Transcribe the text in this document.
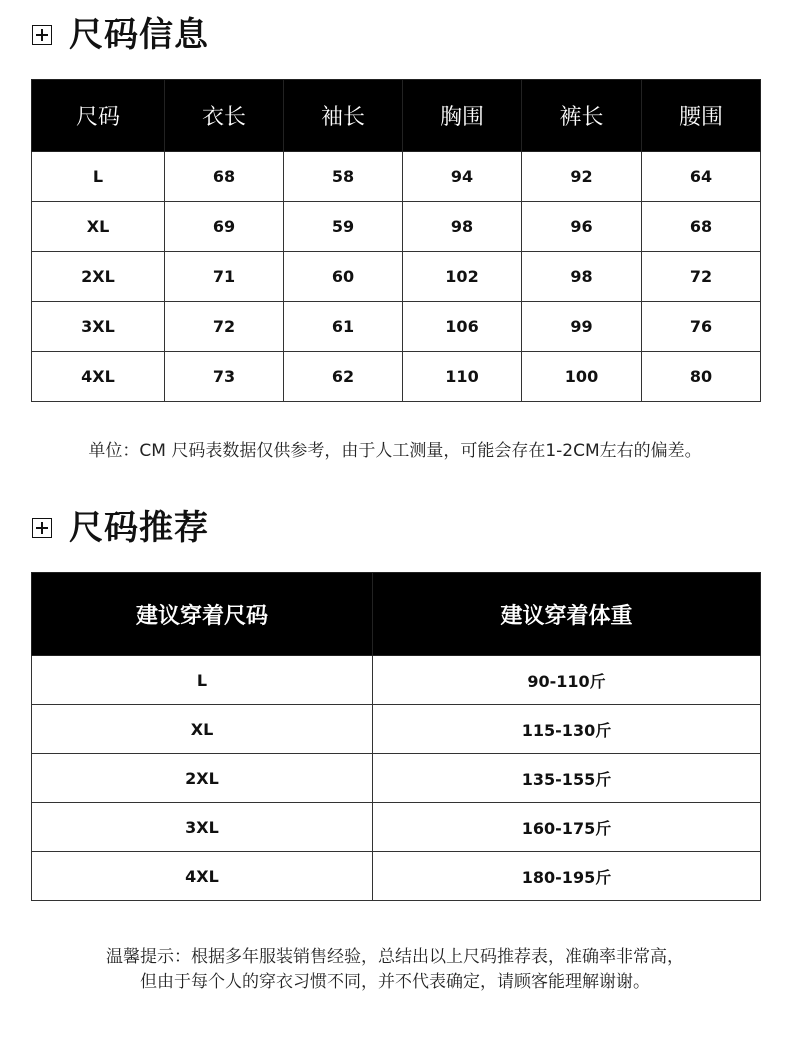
尺码信息
尺码	衣长	袖长	胸围	裤长	腰围
L	68	58	94	92	64
XL	69	59	98	96	68
2XL	71	60	102	98	72
3XL	72	61	106	99	76
4XL	73	62	110	100	80
单位：CM 尺码表数据仅供参考，由于人工测量，可能会存在1-2CM左右的偏差。
尺码推荐
建议穿着尺码	建议穿着体重
L	90-110斤
XL	115-130斤
2XL	135-155斤
3XL	160-175斤
4XL	180-195斤
温馨提示：根据多年服装销售经验，总结出以上尺码推荐表，准确率非常高，
但由于每个人的穿衣习惯不同，并不代表确定，请顾客能理解谢谢。
